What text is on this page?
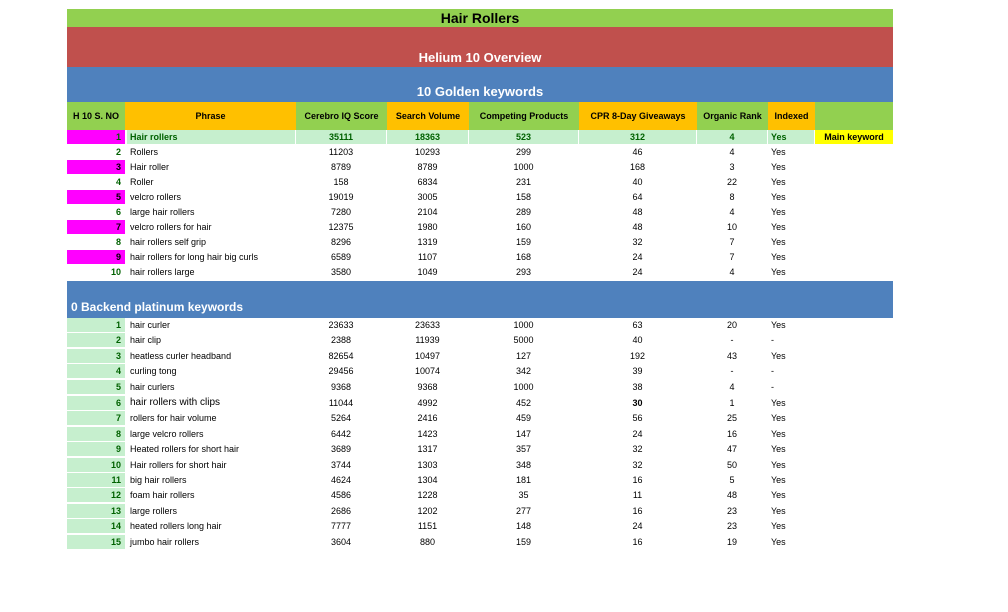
Hair Rollers
Helium 10 Overview
10 Golden keywords
H 10 S. NO	Phrase	Cerebro IQ Score	Search Volume	Competing Products	CPR 8-Day Giveaways	Organic Rank	Indexed
0 Backend platinum keywords
1	Hair rollers	35111	18363	523	312	4	Yes	Main keyword
2	Rollers	11203	10293	299	46	4	Yes
3	Hair roller	8789	8789	1000	168	3	Yes
4	Roller	158	6834	231	40	22	Yes
5	velcro rollers	19019	3005	158	64	8	Yes
6	large hair rollers	7280	2104	289	48	4	Yes
7	velcro rollers for hair	12375	1980	160	48	10	Yes
8	hair rollers self grip	8296	1319	159	32	7	Yes
9	hair rollers for long hair big curls	6589	1107	168	24	7	Yes
10	hair rollers large	3580	1049	293	24	4	Yes
1	hair curler	23633	23633	1000	63	20	Yes
2	hair clip	2388	11939	5000	40	-	-
3	heatless curler headband	82654	10497	127	192	43	Yes
4	curling tong	29456	10074	342	39	-	-
5	hair curlers	9368	9368	1000	38	4	-
6 hair rollers with clips	11044	4992	452	30	1	Yes
7	rollers for hair volume	5264	2416	459	56	25	Yes
8	large velcro rollers	6442	1423	147	24	16	Yes
9	Heated rollers for short hair	3689	1317	357	32	47	Yes
10	Hair rollers for short hair	3744	1303	348	32	50	Yes
11	big hair rollers	4624	1304	181	16	5	Yes
12	foam hair rollers	4586	1228	35	11	48	Yes
13	large rollers	2686	1202	277	16	23	Yes
14	heated rollers long hair	7777	1151	148	24	23	Yes
15	jumbo hair rollers	3604	880	159	16	19	Yes
